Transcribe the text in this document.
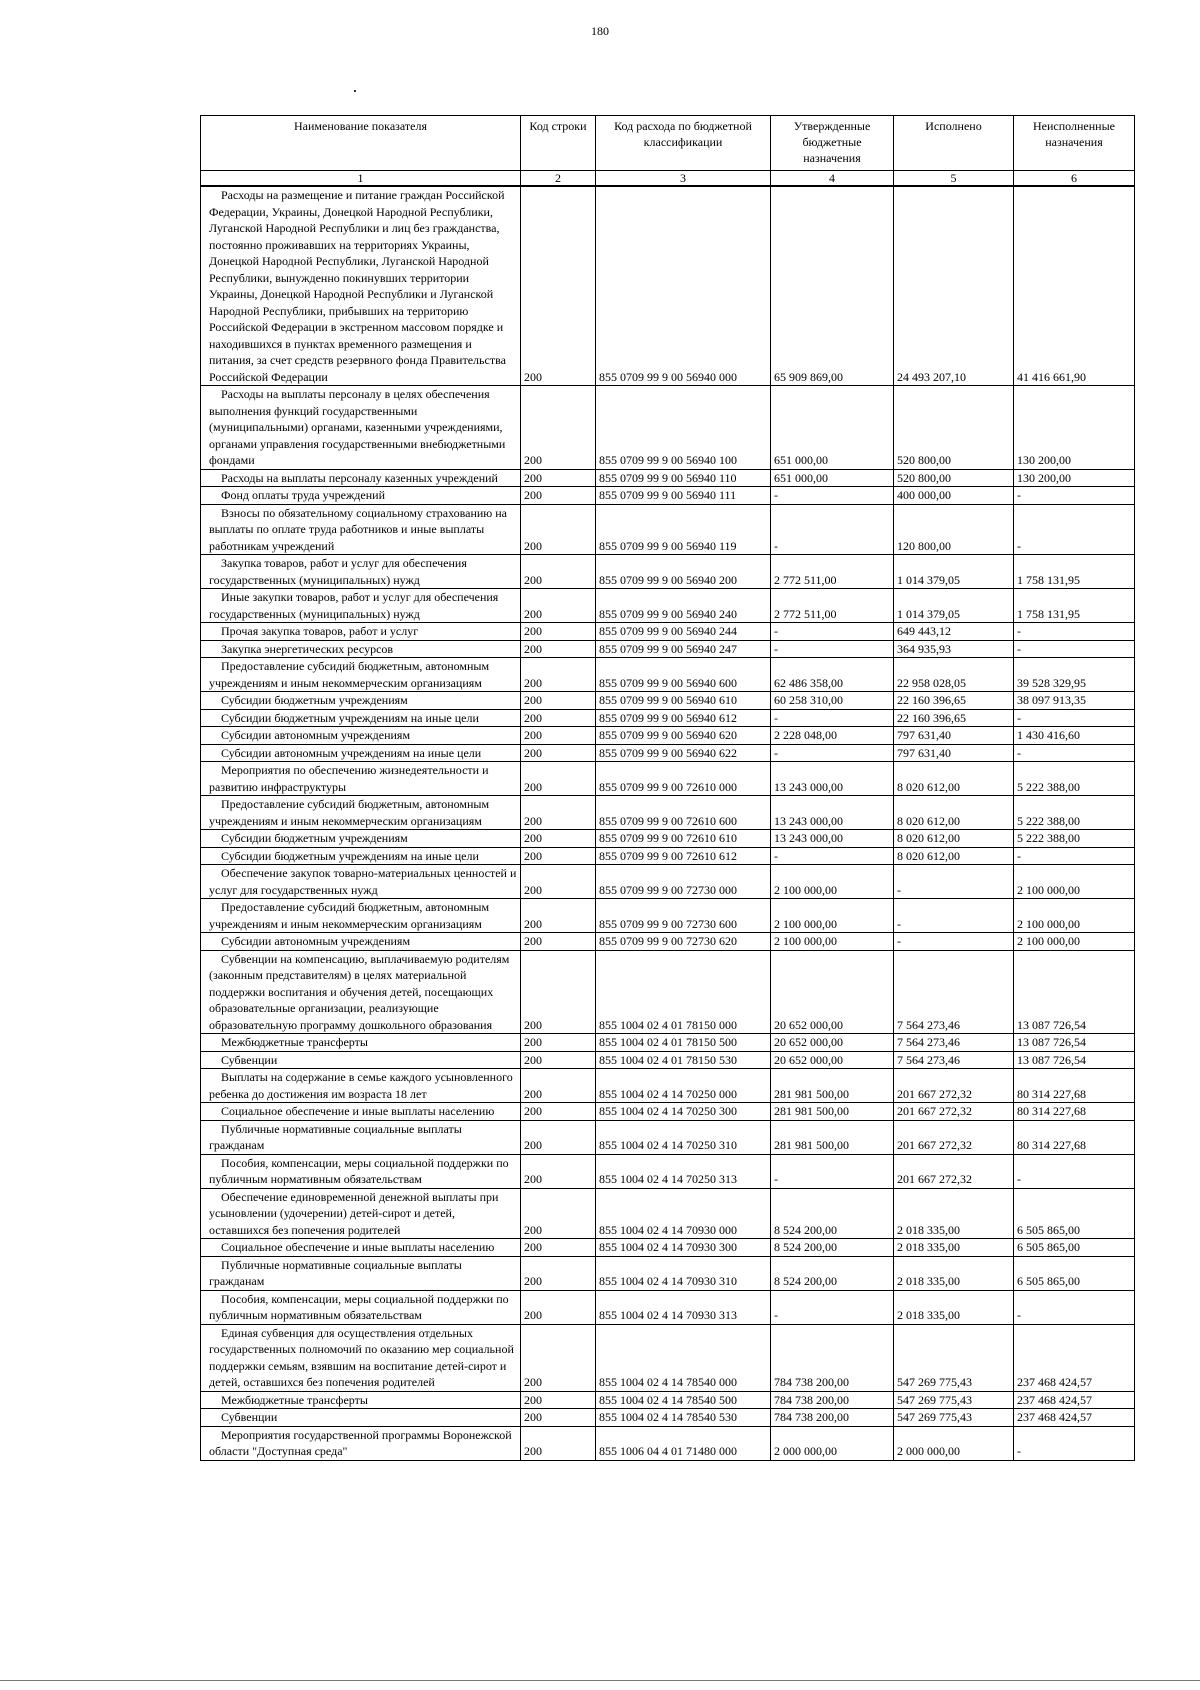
180
Наименование показателя	Код строки	Код расхода по бюджетной классификации	Утвержденные бюджетные назначения	Исполнено	Неисполненные назначения
1	2	3	4	5	6

Расходы на размещение и питание граждан Российской Федерации, Украины, Донецкой Народной Республики, Луганской Народной Республики и лиц без гражданства, постоянно проживавших на территориях Украины, Донецкой Народной Республики, Луганской Народной Республики, вынужденно покинувших территории Украины, Донецкой Народной Республики и Луганской Народной Республики, прибывших на территорию Российской Федерации в экстренном массовом порядке и находившихся в пунктах временного размещения и питания, за счет средств резервного фонда Правительства Российской Федерации	200	855 0709 99 9 00 56940 000	65 909 869,00	24 493 207,10	41 416 661,90

Расходы на выплаты персоналу в целях обеспечения выполнения функций государственными (муниципальными) органами, казенными учреждениями, органами управления государственными внебюджетными фондами	200	855 0709 99 9 00 56940 100	651 000,00	520 800,00	130 200,00

Расходы на выплаты персоналу казенных учреждений	200	855 0709 99 9 00 56940 110	651 000,00	520 800,00	130 200,00

Фонд оплаты труда учреждений	200	855 0709 99 9 00 56940 111	-	400 000,00	-

Взносы по обязательному социальному страхованию на выплаты по оплате труда работников и иные выплаты работникам учреждений	200	855 0709 99 9 00 56940 119	-	120 800,00	-

Закупка товаров, работ и услуг для обеспечения государственных (муниципальных) нужд	200	855 0709 99 9 00 56940 200	2 772 511,00	1 014 379,05	1 758 131,95

Иные закупки товаров, работ и услуг для обеспечения государственных (муниципальных) нужд	200	855 0709 99 9 00 56940 240	2 772 511,00	1 014 379,05	1 758 131,95

Прочая закупка товаров, работ и услуг	200	855 0709 99 9 00 56940 244	-	649 443,12	-

Закупка энергетических ресурсов	200	855 0709 99 9 00 56940 247	-	364 935,93	-

Предоставление субсидий бюджетным, автономным учреждениям и иным некоммерческим организациям	200	855 0709 99 9 00 56940 600	62 486 358,00	22 958 028,05	39 528 329,95

Субсидии бюджетным учреждениям	200	855 0709 99 9 00 56940 610	60 258 310,00	22 160 396,65	38 097 913,35

Субсидии бюджетным учреждениям на иные цели	200	855 0709 99 9 00 56940 612	-	22 160 396,65	-

Субсидии автономным учреждениям	200	855 0709 99 9 00 56940 620	2 228 048,00	797 631,40	1 430 416,60

Субсидии автономным учреждениям на иные цели	200	855 0709 99 9 00 56940 622	-	797 631,40	-

Мероприятия по обеспечению жизнедеятельности и развитию инфраструктуры	200	855 0709 99 9 00 72610 000	13 243 000,00	8 020 612,00	5 222 388,00

Предоставление субсидий бюджетным, автономным учреждениям и иным некоммерческим организациям	200	855 0709 99 9 00 72610 600	13 243 000,00	8 020 612,00	5 222 388,00

Субсидии бюджетным учреждениям	200	855 0709 99 9 00 72610 610	13 243 000,00	8 020 612,00	5 222 388,00

Субсидии бюджетным учреждениям на иные цели	200	855 0709 99 9 00 72610 612	-	8 020 612,00	-

Обеспечение закупок товарно-материальных ценностей и услуг для государственных нужд	200	855 0709 99 9 00 72730 000	2 100 000,00	-	2 100 000,00

Предоставление субсидий бюджетным, автономным учреждениям и иным некоммерческим организациям	200	855 0709 99 9 00 72730 600	2 100 000,00	-	2 100 000,00

Субсидии автономным учреждениям	200	855 0709 99 9 00 72730 620	2 100 000,00	-	2 100 000,00

Субвенции на компенсацию, выплачиваемую родителям (законным представителям) в целях материальной поддержки воспитания и обучения детей, посещающих образовательные организации, реализующие образовательную программу дошкольного образования	200	855 1004 02 4 01 78150 000	20 652 000,00	7 564 273,46	13 087 726,54

Межбюджетные трансферты	200	855 1004 02 4 01 78150 500	20 652 000,00	7 564 273,46	13 087 726,54

Субвенции	200	855 1004 02 4 01 78150 530	20 652 000,00	7 564 273,46	13 087 726,54

Выплаты на содержание в семье каждого усыновленного ребенка до достижения им возраста 18 лет	200	855 1004 02 4 14 70250 000	281 981 500,00	201 667 272,32	80 314 227,68

Социальное обеспечение и иные выплаты населению	200	855 1004 02 4 14 70250 300	281 981 500,00	201 667 272,32	80 314 227,68

Публичные нормативные социальные выплаты гражданам	200	855 1004 02 4 14 70250 310	281 981 500,00	201 667 272,32	80 314 227,68

Пособия, компенсации, меры социальной поддержки по публичным нормативным обязательствам	200	855 1004 02 4 14 70250 313	-	201 667 272,32	-

Обеспечение единовременной денежной выплаты при усыновлении (удочерении) детей-сирот и детей, оставшихся без попечения родителей	200	855 1004 02 4 14 70930 000	8 524 200,00	2 018 335,00	6 505 865,00

Социальное обеспечение и иные выплаты населению	200	855 1004 02 4 14 70930 300	8 524 200,00	2 018 335,00	6 505 865,00

Публичные нормативные социальные выплаты гражданам	200	855 1004 02 4 14 70930 310	8 524 200,00	2 018 335,00	6 505 865,00

Пособия, компенсации, меры социальной поддержки по публичным нормативным обязательствам	200	855 1004 02 4 14 70930 313	-	2 018 335,00	-

Единая субвенция для осуществления отдельных государственных полномочий по оказанию мер социальной поддержки семьям, взявшим на воспитание детей-сирот и детей, оставшихся без попечения родителей	200	855 1004 02 4 14 78540 000	784 738 200,00	547 269 775,43	237 468 424,57

Межбюджетные трансферты	200	855 1004 02 4 14 78540 500	784 738 200,00	547 269 775,43	237 468 424,57

Субвенции	200	855 1004 02 4 14 78540 530	784 738 200,00	547 269 775,43	237 468 424,57

Мероприятия государственной программы Воронежской области "Доступная среда"	200	855 1006 04 4 01 71480 000	2 000 000,00	2 000 000,00	-
